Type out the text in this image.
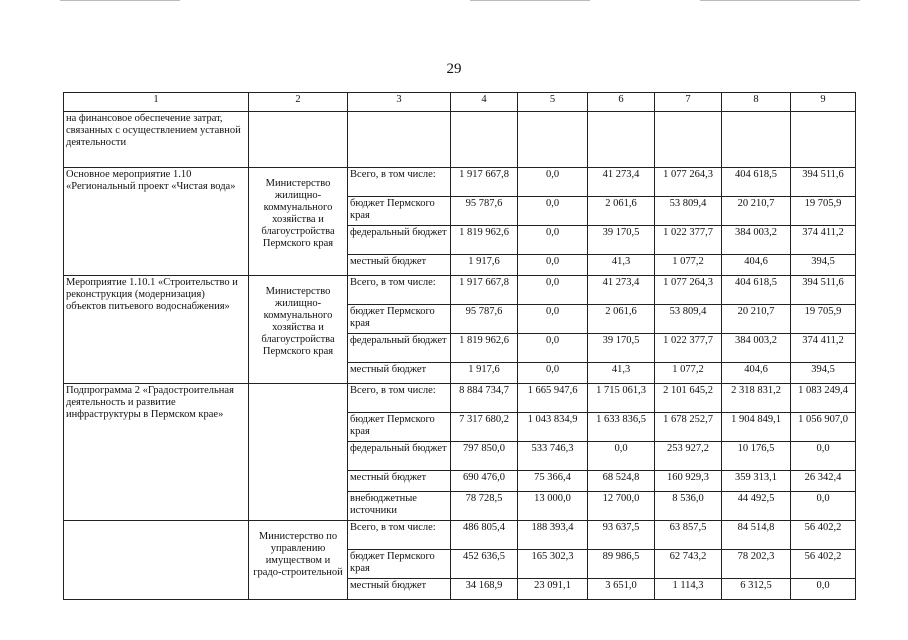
29
1	2	3	4	5	6	7	8	9
на финансовое обеспечение затрат, связанных с осуществлением уставной деятельности								
Основное мероприятие 1.10 «Региональный проект «Чистая вода»	Министерство жилищно-коммунального хозяйства и благоустройства Пермского края	Всего, в том числе:	1 917 667,8	0,0	41 273,4	1 077 264,3	404 618,5	394 511,6
		бюджет Пермского края	95 787,6	0,0	2 061,6	53 809,4	20 210,7	19 705,9
		федеральный бюджет	1 819 962,6	0,0	39 170,5	1 022 377,7	384 003,2	374 411,2
		местный бюджет	1 917,6	0,0	41,3	1 077,2	404,6	394,5
Мероприятие 1.10.1 «Строительство и реконструкция (модернизация) объектов питьевого водоснабжения»	Министерство жилищно-коммунального хозяйства и благоустройства Пермского края	Всего, в том числе:	1 917 667,8	0,0	41 273,4	1 077 264,3	404 618,5	394 511,6
		бюджет Пермского края	95 787,6	0,0	2 061,6	53 809,4	20 210,7	19 705,9
		федеральный бюджет	1 819 962,6	0,0	39 170,5	1 022 377,7	384 003,2	374 411,2
		местный бюджет	1 917,6	0,0	41,3	1 077,2	404,6	394,5
Подпрограмма 2 «Градостроительная деятельность и развитие инфраструктуры в Пермском крае»		Всего, в том числе:	8 884 734,7	1 665 947,6	1 715 061,3	2 101 645,2	2 318 831,2	1 083 249,4
		бюджет Пермского края	7 317 680,2	1 043 834,9	1 633 836,5	1 678 252,7	1 904 849,1	1 056 907,0
		федеральный бюджет	797 850,0	533 746,3	0,0	253 927,2	10 176,5	0,0
		местный бюджет	690 476,0	75 366,4	68 524,8	160 929,3	359 313,1	26 342,4
		внебюджетные источники	78 728,5	13 000,0	12 700,0	8 536,0	44 492,5	0,0
	Министерство по управлению имуществом и градо-строительной	Всего, в том числе:	486 805,4	188 393,4	93 637,5	63 857,5	84 514,8	56 402,2
		бюджет Пермского края	452 636,5	165 302,3	89 986,5	62 743,2	78 202,3	56 402,2
		местный бюджет	34 168,9	23 091,1	3 651,0	1 114,3	6 312,5	0,0
